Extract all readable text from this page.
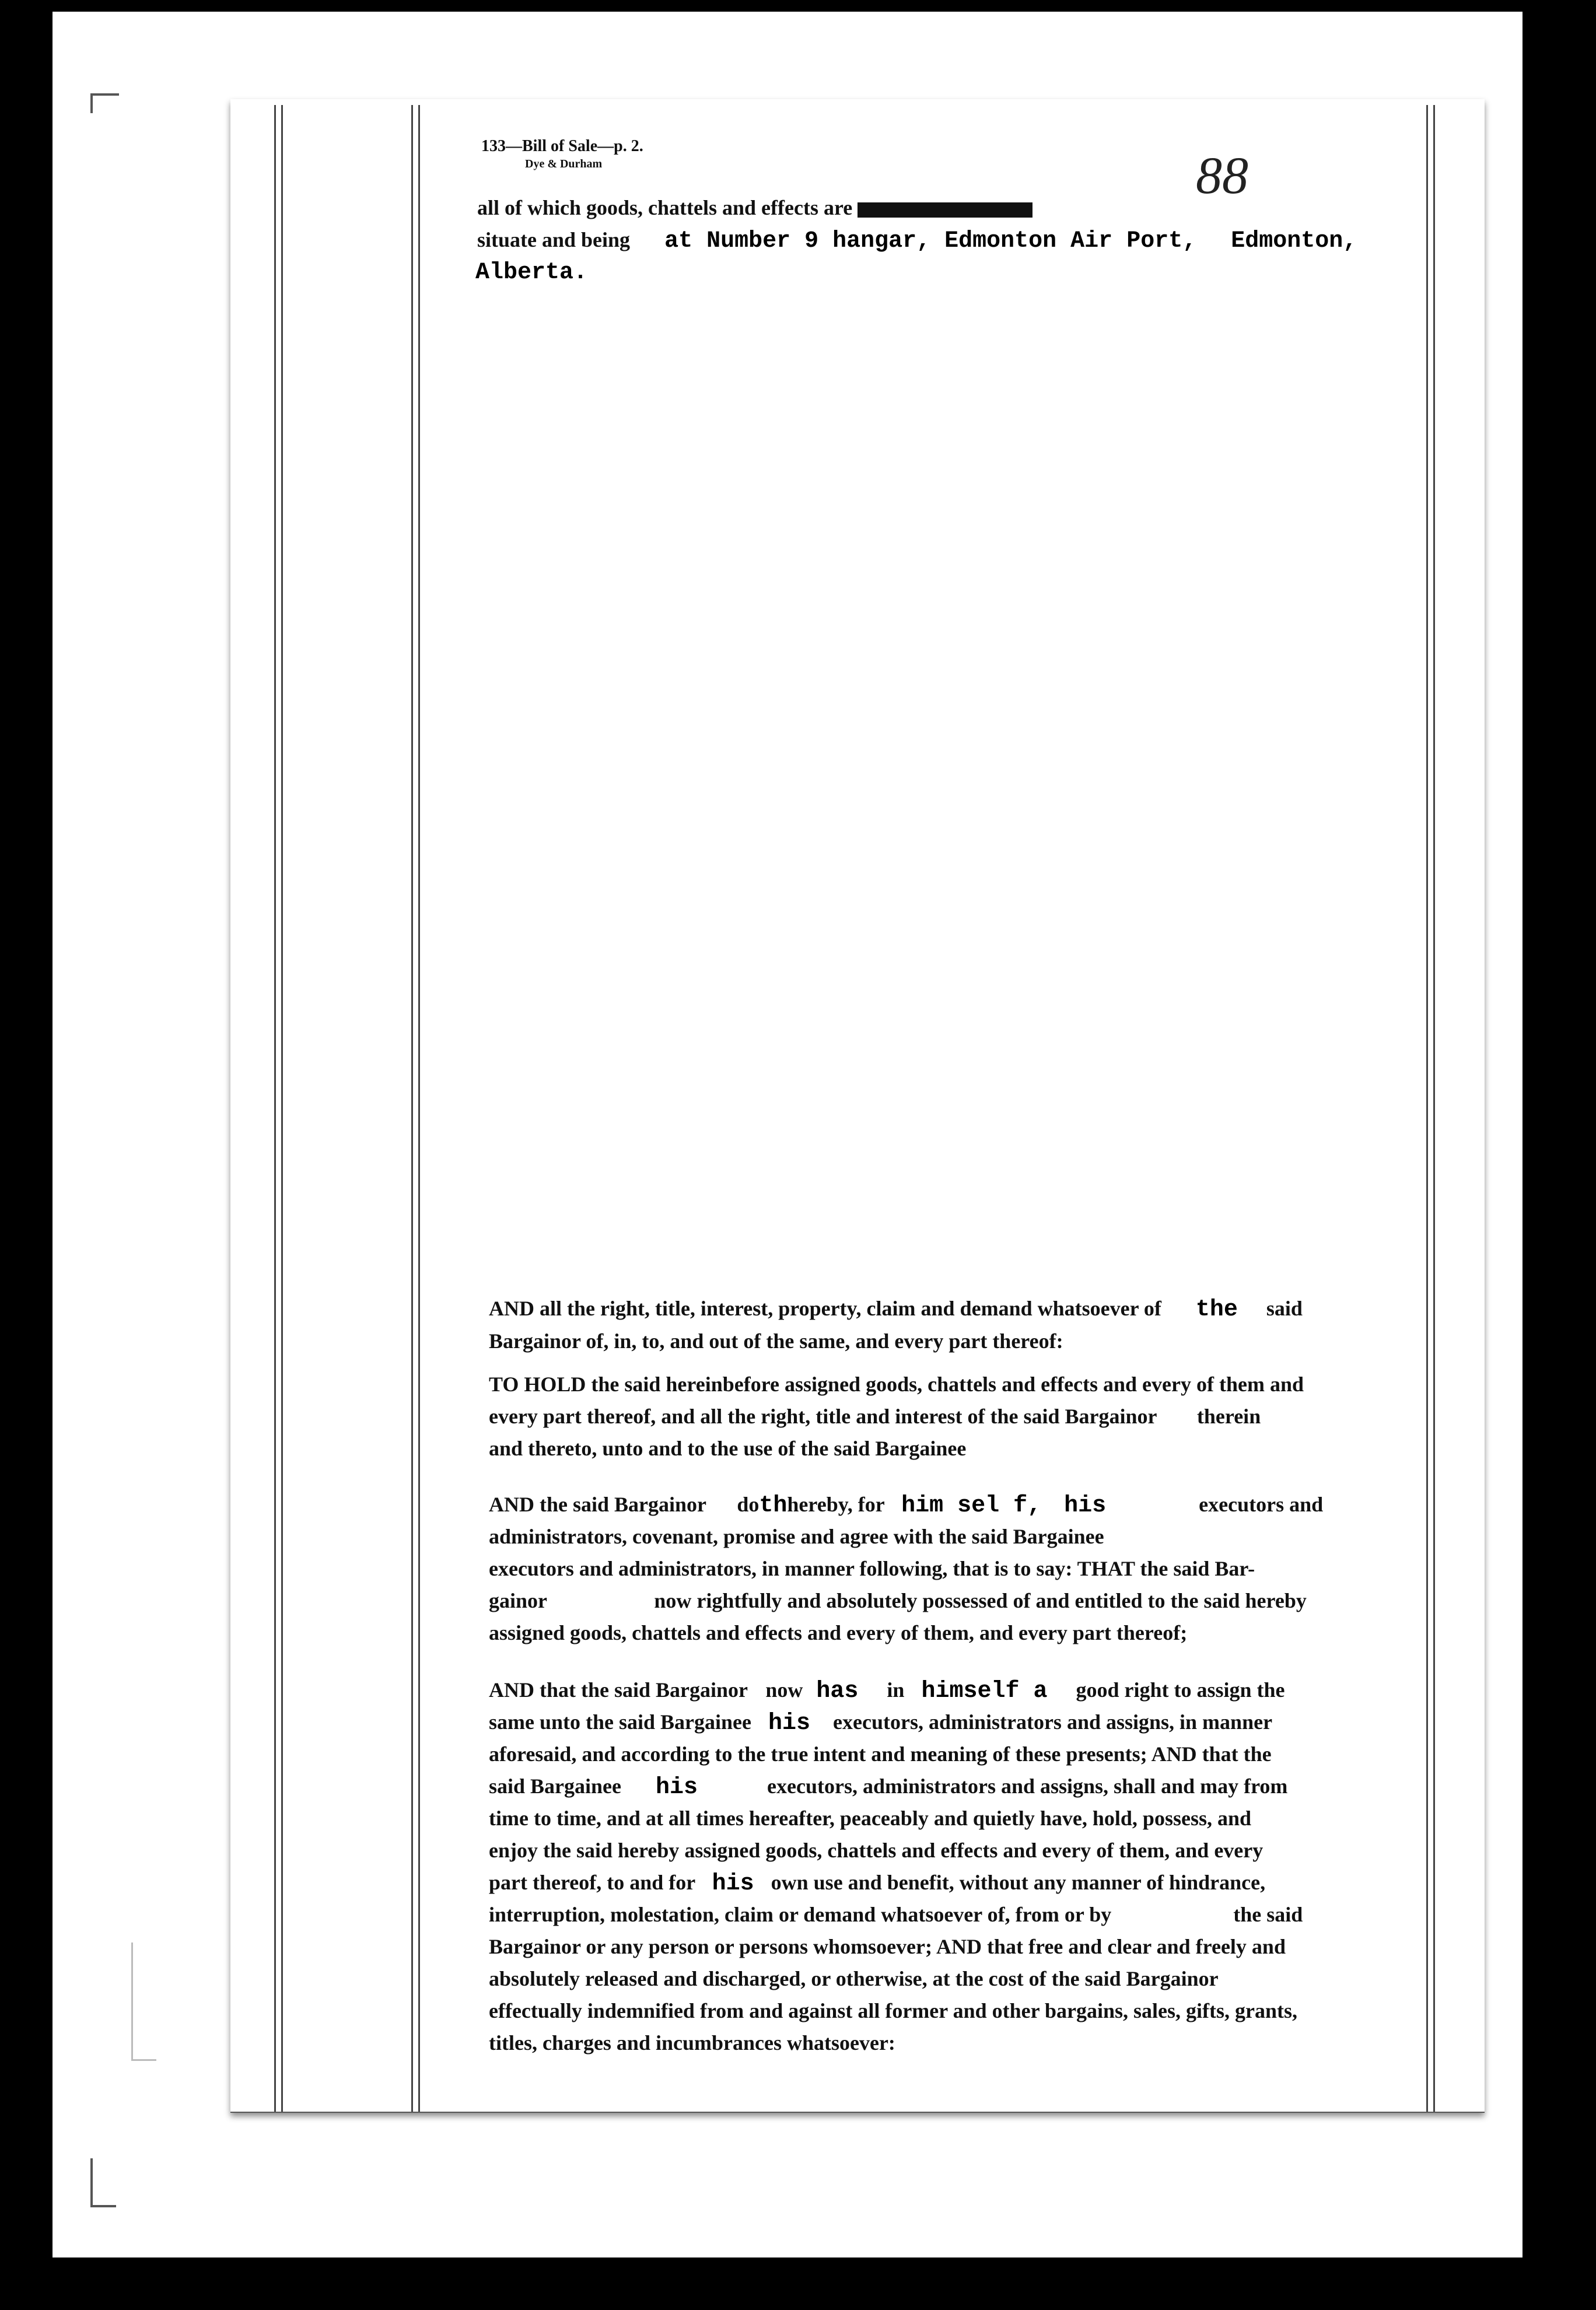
133—Bill of Sale—p. 2.
Dye & Durham	88
all of which goods, chattels and effects are
situate and being at Number 9 hangar, Edmonton Air Port, Edmonton,
Alberta.
AND all the right, title, interest, property, claim and demand whatsoever of the said
Bargainor of, in, to, and out of the same, and every part thereof:
TO HOLD the said hereinbefore assigned goods, chattels and effects and every of them and
every part thereof, and all the right, title and interest of the said Bargainor therein
and thereto, unto and to the use of the said Bargainee
AND the said Bargainor dothhereby, for him sel f, his	executors and
administrators, covenant, promise and agree with the said Bargainee
executors and administrators, in manner following, that is to say: THAT the said Bar-
gainor	now rightfully and absolutely possessed of and entitled to the said hereby
assigned goods, chattels and effects and every of them, and every part thereof;
AND that the said Bargainor now has in himself a good right to assign the
same unto the said Bargainee his executors, administrators and assigns, in manner
aforesaid, and according to the true intent and meaning of these presents; AND that the
said Bargainee his	executors, administrators and assigns, shall and may from
time to time, and at all times hereafter, peaceably and quietly have, hold, possess, and
enjoy the said hereby assigned goods, chattels and effects and every of them, and every
part thereof, to and for his own use and benefit, without any manner of hindrance,
interruption, molestation, claim or demand whatsoever of, from or by	the said
Bargainor or any person or persons whomsoever; AND that free and clear and freely and
absolutely released and discharged, or otherwise, at the cost of the said Bargainor
effectually indemnified from and against all former and other bargains, sales, gifts, grants,
titles, charges and incumbrances whatsoever:
